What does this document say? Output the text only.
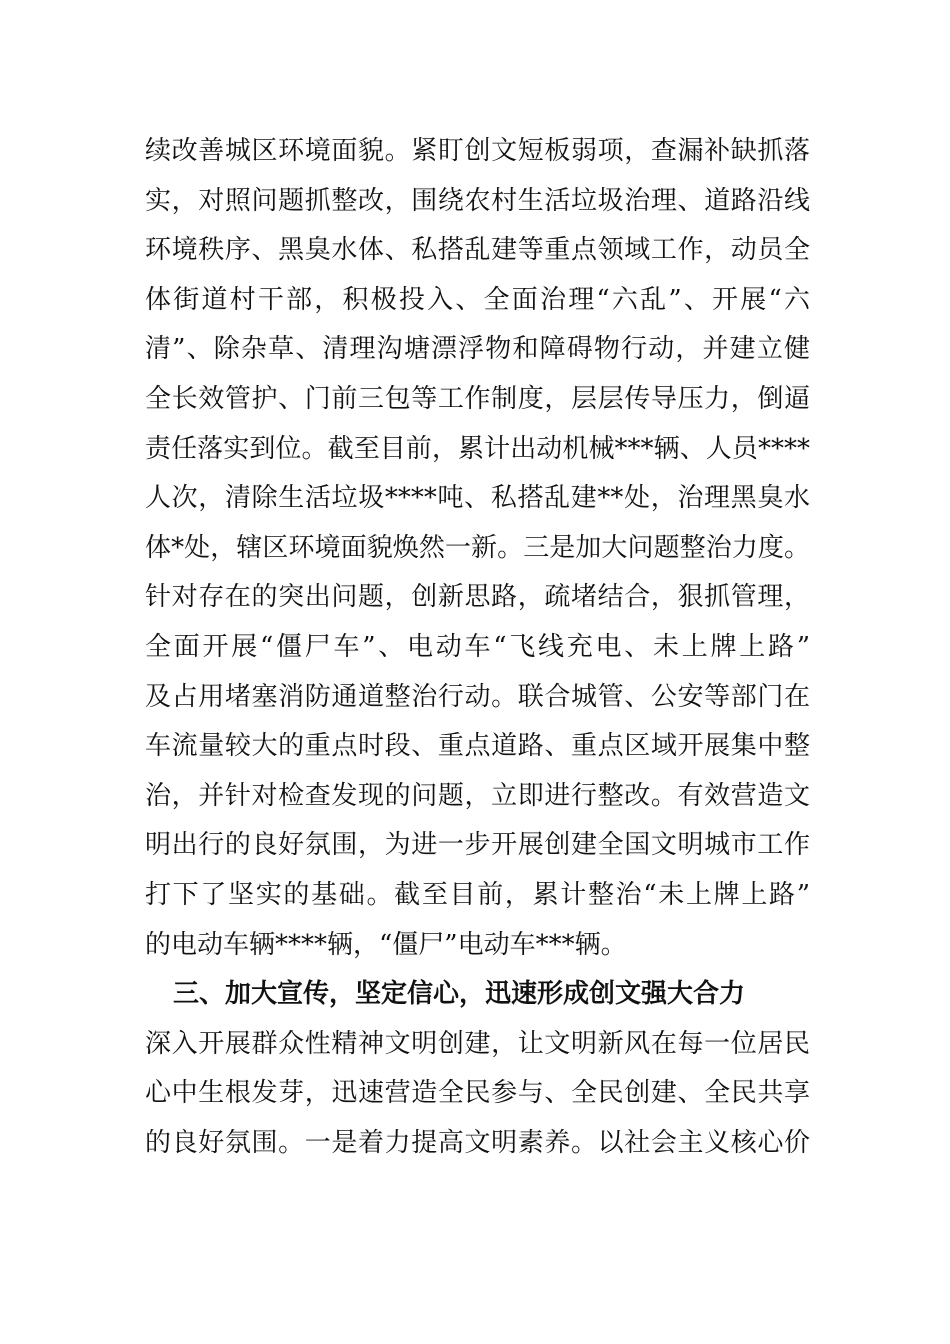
续改善城区环境面貌。紧盯创文短板弱项，查漏补缺抓落
实，对照问题抓整改，围绕农村生活垃圾治理、道路沿线
环境秩序、黑臭水体、私搭乱建等重点领域工作，动员全
体街道村干部，积极投入、全面治理“六乱”、开展“六
清”、除杂草、清理沟塘漂浮物和障碍物行动，并建立健
全长效管护、门前三包等工作制度，层层传导压力，倒逼
责任落实到位。截至目前，累计出动机械***辆、人员****
人次，清除生活垃圾****吨、私搭乱建**处，治理黑臭水
体*处，辖区环境面貌焕然一新。三是加大问题整治力度。
针对存在的突出问题，创新思路，疏堵结合，狠抓管理，
全面开展“僵尸车”、电动车“飞线充电、未上牌上路”
及占用堵塞消防通道整治行动。联合城管、公安等部门在
车流量较大的重点时段、重点道路、重点区域开展集中整
治，并针对检查发现的问题，立即进行整改。有效营造文
明出行的良好氛围，为进一步开展创建全国文明城市工作
打下了坚实的基础。截至目前，累计整治“未上牌上路”
的电动车辆****辆，“僵尸”电动车***辆。
三、加大宣传，坚定信心，迅速形成创文强大合力
深入开展群众性精神文明创建，让文明新风在每一位居民
心中生根发芽，迅速营造全民参与、全民创建、全民共享
的良好氛围。一是着力提高文明素养。以社会主义核心价
